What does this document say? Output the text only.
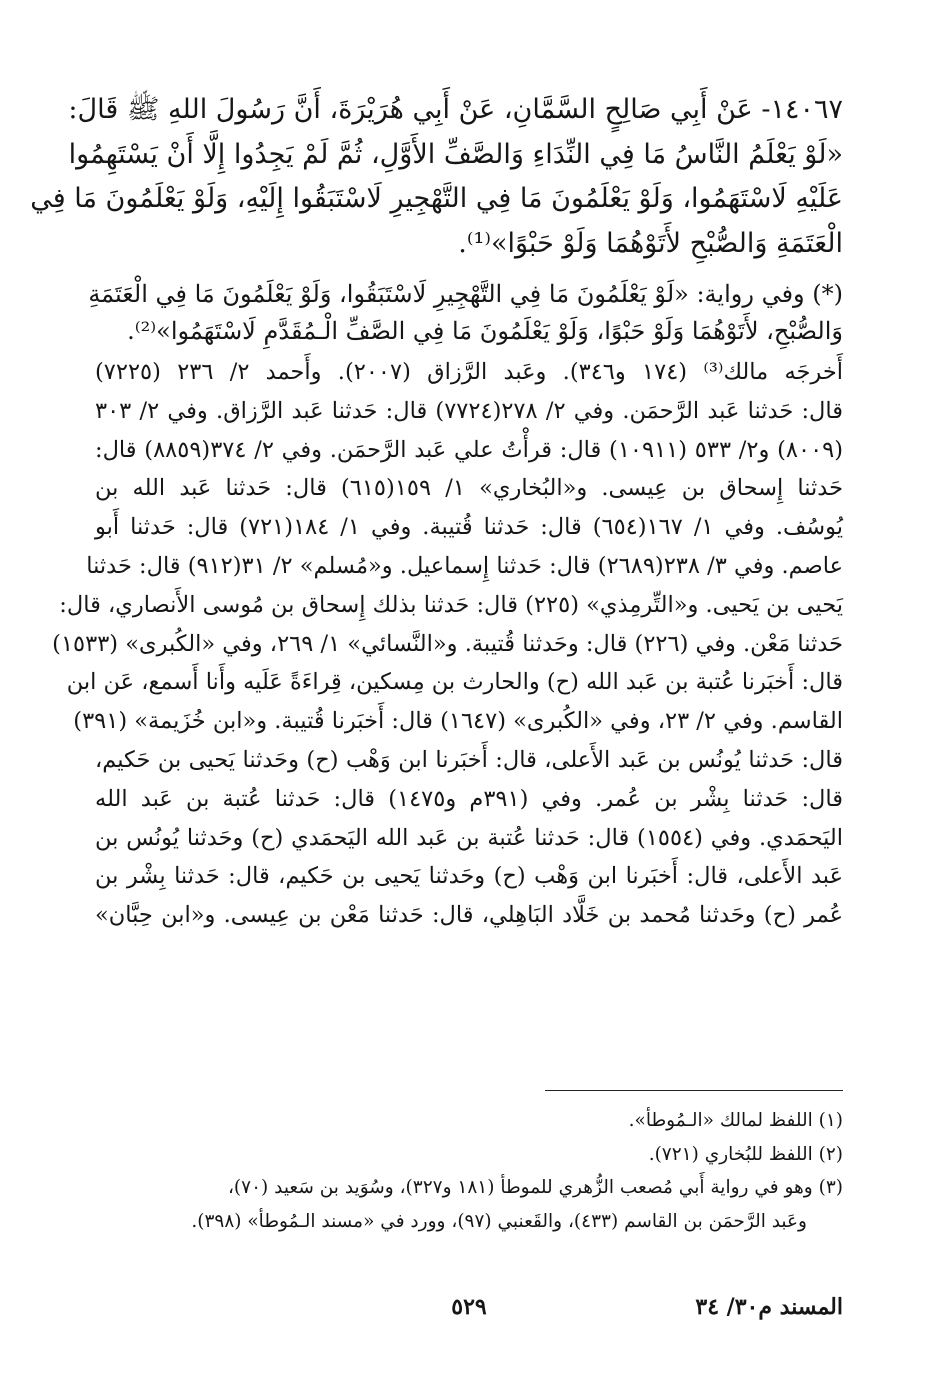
١٤٠٦٧- عَنْ أَبِي صَالِحٍ السَّمَّانِ، عَنْ أَبِي هُرَيْرَةَ، أَنَّ رَسُولَ اللهِ ﷺ قَالَ:
«لَوْ يَعْلَمُ النَّاسُ مَا فِي النِّدَاءِ وَالصَّفِّ الأَوَّلِ، ثُمَّ لَمْ يَجِدُوا إِلَّا أَنْ يَسْتَهِمُوا
عَلَيْهِ لَاسْتَهَمُوا، وَلَوْ يَعْلَمُونَ مَا فِي التَّهْجِيرِ لَاسْتَبَقُوا إِلَيْهِ، وَلَوْ يَعْلَمُونَ مَا فِي
الْعَتَمَةِ وَالصُّبْحِ لأَتَوْهُمَا وَلَوْ حَبْوًا»⁽¹⁾.
(*) وفي رواية: «لَوْ يَعْلَمُونَ مَا فِي التَّهْجِيرِ لَاسْتَبَقُوا، وَلَوْ يَعْلَمُونَ مَا فِي الْعَتَمَةِ
وَالصُّبْحِ، لأَتَوْهُمَا وَلَوْ حَبْوًا، وَلَوْ يَعْلَمُونَ مَا فِي الصَّفِّ الْـمُقَدَّمِ لَاسْتَهَمُوا»⁽²⁾.
أَخرجَه مالك⁽³⁾ (١٧٤ و٣٤٦). وعَبد الرَّزاق (٢٠٠٧). وأَحمد ٢/ ٢٣٦ (٧٢٢٥)
قال: حَدثنا عَبد الرَّحمَن. وفي ٢/ ٢٧٨(٧٧٢٤) قال: حَدثنا عَبد الرَّزاق. وفي ٢/ ٣٠٣
(٨٠٠٩) و٢/ ٥٣٣ (١٠٩١١) قال: قرأْتُ علي عَبد الرَّحمَن. وفي ٢/ ٣٧٤(٨٨٥٩) قال:
حَدثنا إِسحاق بن عِيسى. و«البُخاري» ١/ ١٥٩(٦١٥) قال: حَدثنا عَبد الله بن
يُوسُف. وفي ١/ ١٦٧(٦٥٤) قال: حَدثنا قُتيبة. وفي ١/ ١٨٤(٧٢١) قال: حَدثنا أَبو
عاصم. وفي ٣/ ٢٣٨(٢٦٨٩) قال: حَدثنا إِسماعيل. و«مُسلم» ٢/ ٣١(٩١٢) قال: حَدثنا
يَحيى بن يَحيى. و«التِّرمِذي» (٢٢٥) قال: حَدثنا بذلك إِسحاق بن مُوسى الأَنصاري، قال:
حَدثنا مَعْن. وفي (٢٢٦) قال: وحَدثنا قُتيبة. و«النَّسائي» ١/ ٢٦٩، وفي «الكُبرى» (١٥٣٣)
قال: أَخبَرنا عُتبة بن عَبد الله (ح) والحارث بن مِسكين، قِراءَةً عَلَيه وأَنا أَسمع، عَن ابن
القاسم. وفي ٢/ ٢٣، وفي «الكُبرى» (١٦٤٧) قال: أَخبَرنا قُتيبة. و«ابن خُزَيمة» (٣٩١)
قال: حَدثنا يُونُس بن عَبد الأَعلى، قال: أَخبَرنا ابن وَهْب (ح) وحَدثنا يَحيى بن حَكيم،
قال: حَدثنا بِشْر بن عُمر. وفي (٣٩١م و١٤٧٥) قال: حَدثنا عُتبة بن عَبد الله
اليَحمَدي. وفي (١٥٥٤) قال: حَدثنا عُتبة بن عَبد الله اليَحمَدي (ح) وحَدثنا يُونُس بن
عَبد الأَعلى، قال: أَخبَرنا ابن وَهْب (ح) وحَدثنا يَحيى بن حَكيم، قال: حَدثنا بِشْر بن
عُمر (ح) وحَدثنا مُحمد بن خَلَّاد البَاهِلي، قال: حَدثنا مَعْن بن عِيسى. و«ابن حِبَّان»
(١) اللفظ لمالك «الـمُوطأ».
(٢) اللفظ للبُخاري (٧٢١).
(٣) وهو في رواية أَبي مُصعب الزُّهري للموطأ (١٨١ و٣٢٧)، وسُوَيد بن سَعيد (٧٠)،
وعَبد الرَّحمَن بن القاسم (٤٣٣)، والقَعنبي (٩٧)، وورد في «مسند الـمُوطأ» (٣٩٨).
المسند م٣٠/ ٣٤
٥٢٩
